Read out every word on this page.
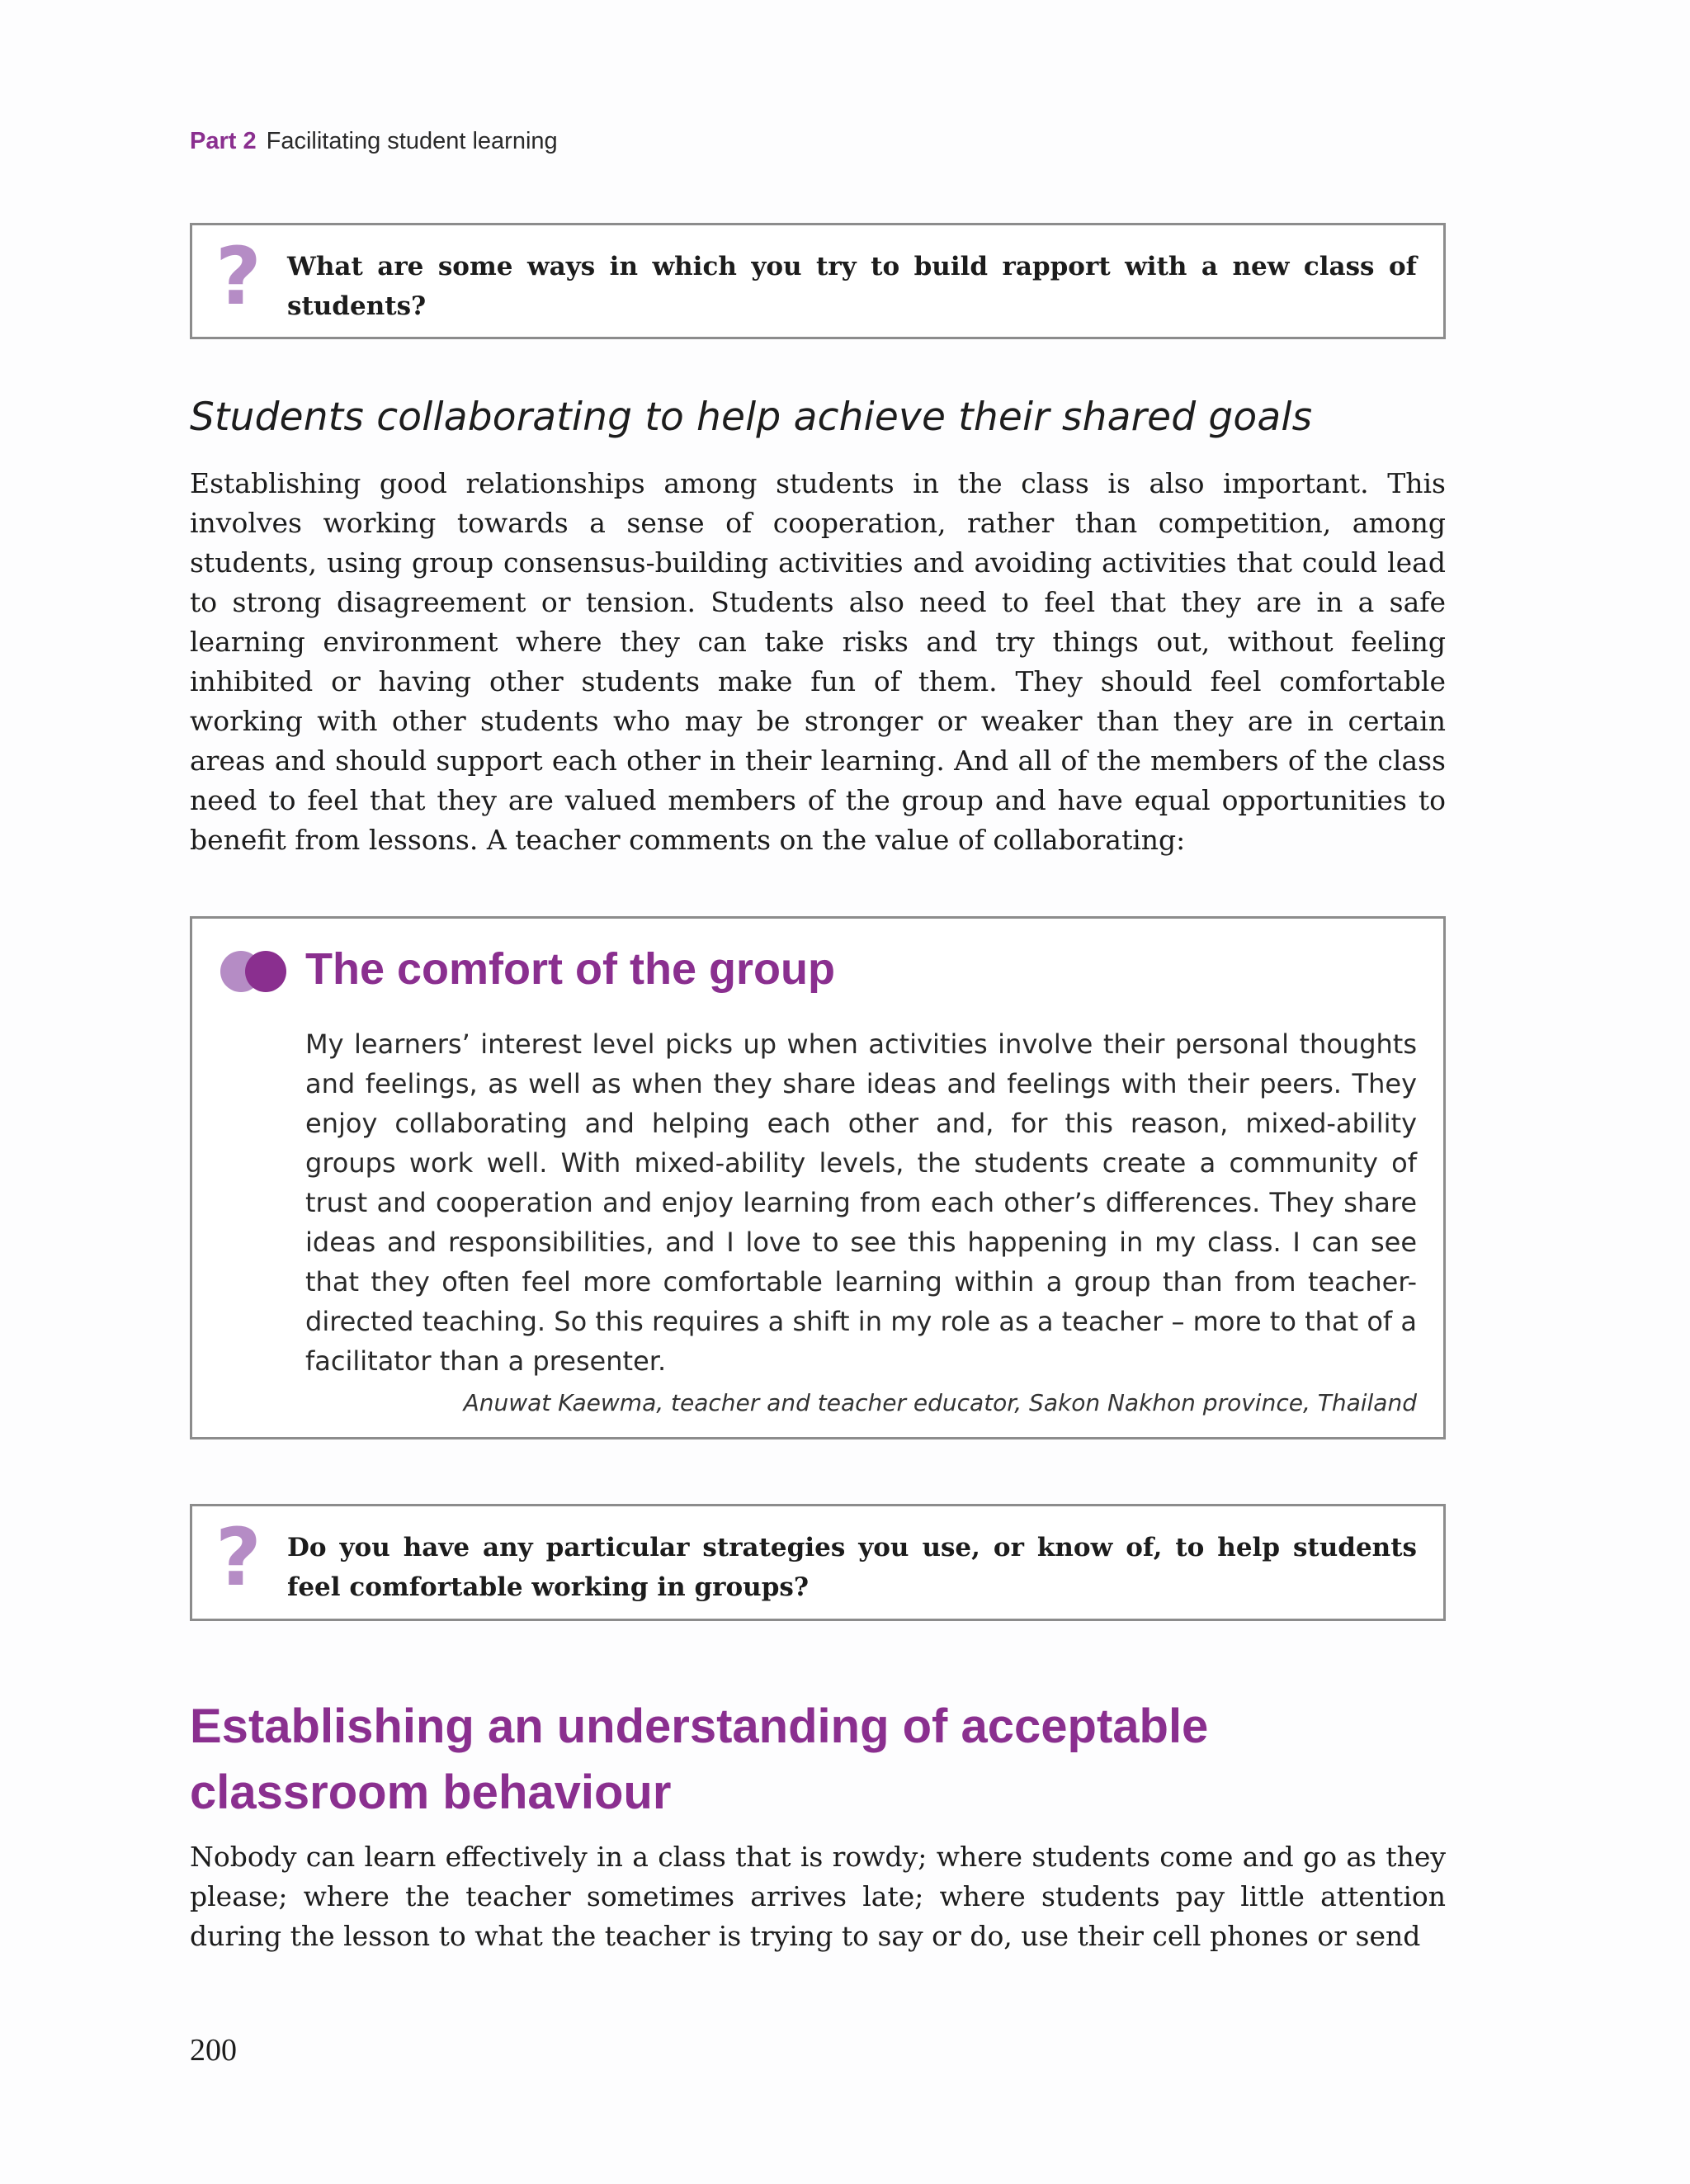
Part 2 Facilitating student learning
? What are some ways in which you try to build rapport with a new class of students?
Students collaborating to help achieve their shared goals
Establishing good relationships among students in the class is also important. This involves working towards a sense of cooperation, rather than competition, among students, using group consensus-building activities and avoiding activities that could lead to strong disagreement or tension. Students also need to feel that they are in a safe learning environment where they can take risks and try things out, without feeling inhibited or having other students make fun of them. They should feel comfortable working with other students who may be stronger or weaker than they are in certain areas and should support each other in their learning. And all of the members of the class need to feel that they are valued members of the group and have equal opportunities to benefit from lessons. A teacher comments on the value of collaborating:
The comfort of the group
My learners’ interest level picks up when activities involve their personal thoughts and feelings, as well as when they share ideas and feelings with their peers. They enjoy collaborating and helping each other and, for this reason, mixed-ability groups work well. With mixed-ability levels, the students create a community of trust and cooperation and enjoy learning from each other’s differences. They share ideas and responsibilities, and I love to see this happening in my class. I can see that they often feel more comfortable learning within a group than from teacher-directed teaching. So this requires a shift in my role as a teacher – more to that of a facilitator than a presenter.
Anuwat Kaewma, teacher and teacher educator, Sakon Nakhon province, Thailand
? Do you have any particular strategies you use, or know of, to help students feel comfortable working in groups?
Establishing an understanding of acceptable
classroom behaviour
Nobody can learn effectively in a class that is rowdy; where students come and go as they please; where the teacher sometimes arrives late; where students pay little attention during the lesson to what the teacher is trying to say or do, use their cell phones or send
200
